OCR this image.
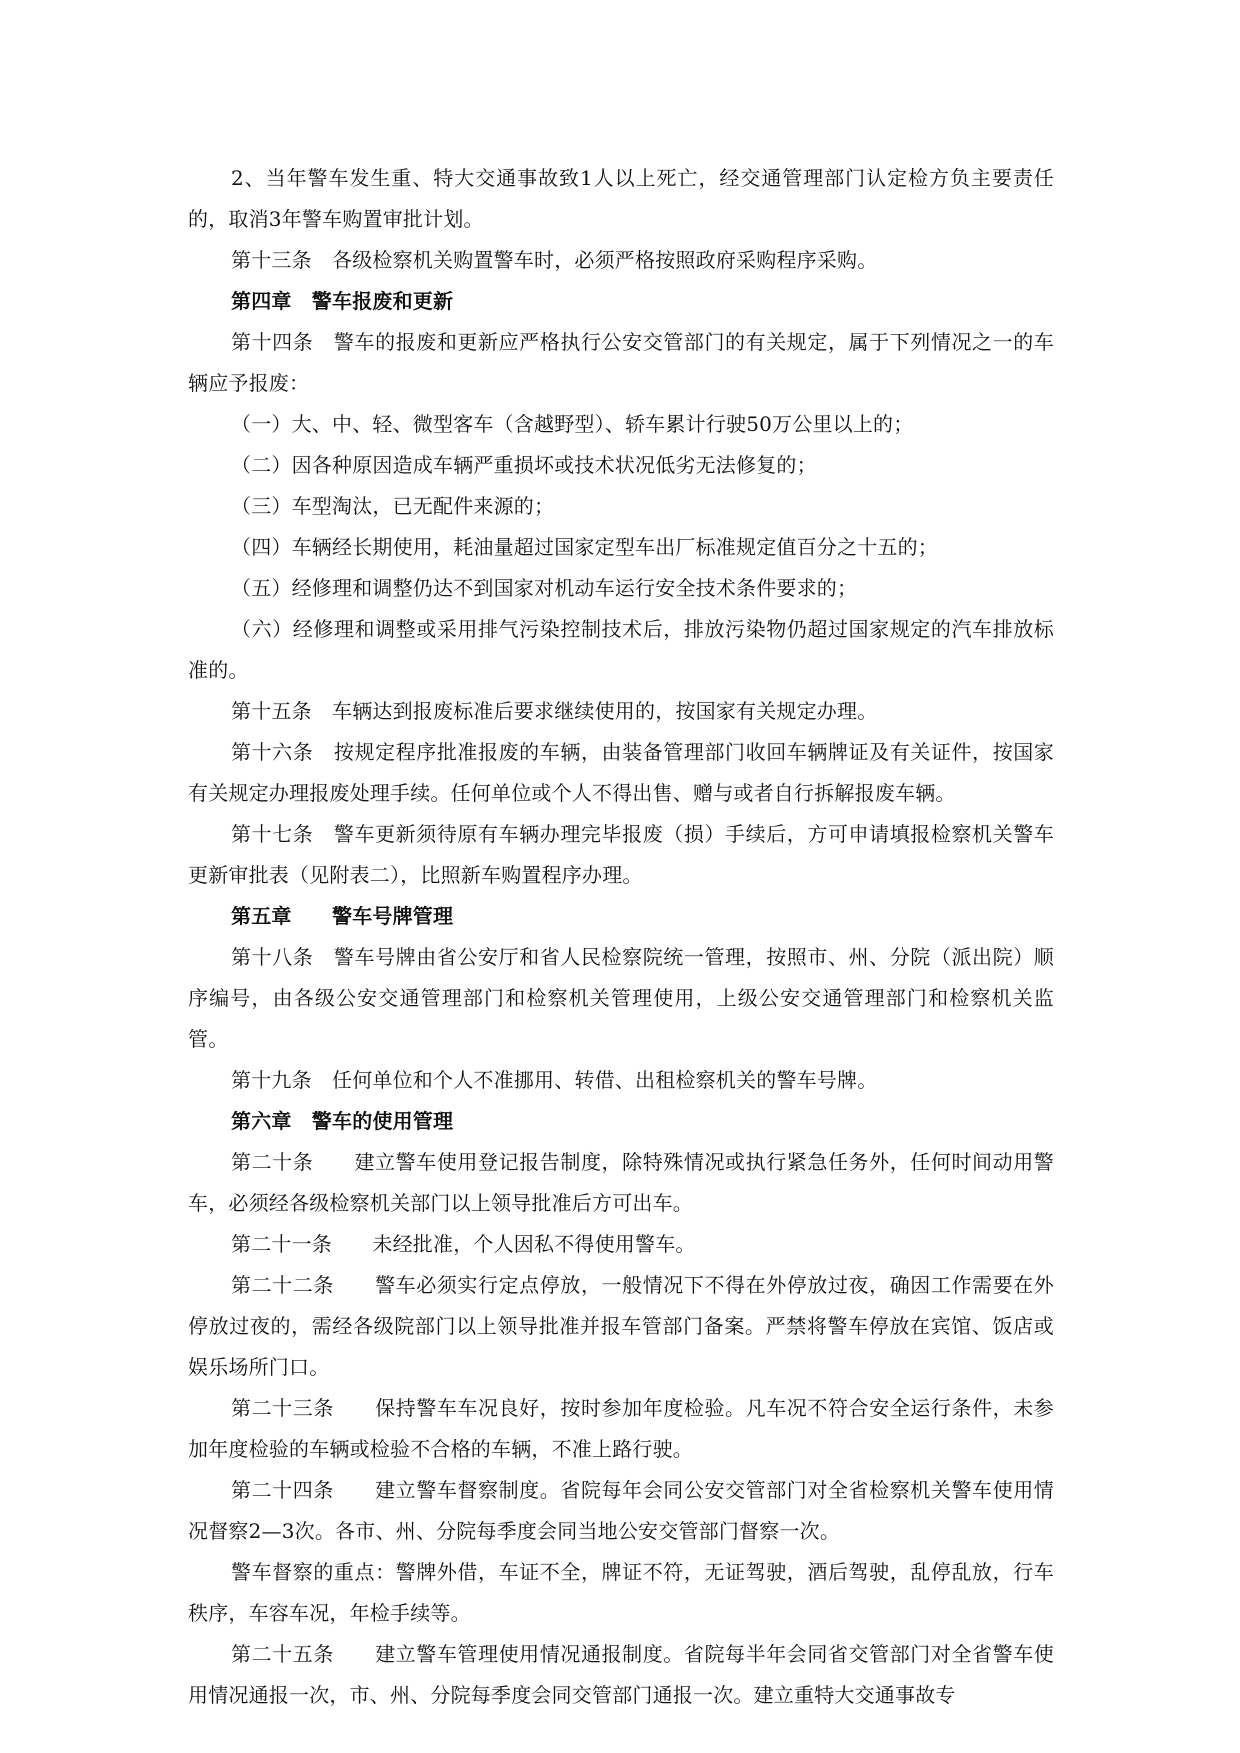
2、当年警车发生重、特大交通事故致1人以上死亡，经交通管理部门认定检方负主要责任的，取消3年警车购置审批计划。

第十三条　各级检察机关购置警车时，必须严格按照政府采购程序采购。

第四章　警车报废和更新

第十四条　警车的报废和更新应严格执行公安交管部门的有关规定，属于下列情况之一的车辆应予报废：

（一）大、中、轻、微型客车（含越野型）、轿车累计行驶50万公里以上的；

（二）因各种原因造成车辆严重损坏或技术状况低劣无法修复的；

（三）车型淘汰，已无配件来源的；

（四）车辆经长期使用，耗油量超过国家定型车出厂标准规定值百分之十五的；

（五）经修理和调整仍达不到国家对机动车运行安全技术条件要求的；

（六）经修理和调整或采用排气污染控制技术后，排放污染物仍超过国家规定的汽车排放标准的。

第十五条　车辆达到报废标准后要求继续使用的，按国家有关规定办理。

第十六条　按规定程序批准报废的车辆，由装备管理部门收回车辆牌证及有关证件，按国家有关规定办理报废处理手续。任何单位或个人不得出售、赠与或者自行拆解报废车辆。

第十七条　警车更新须待原有车辆办理完毕报废（损）手续后，方可申请填报检察机关警车更新审批表（见附表二），比照新车购置程序办理。

第五章　　警车号牌管理

第十八条　警车号牌由省公安厅和省人民检察院统一管理，按照市、州、分院（派出院）顺序编号，由各级公安交通管理部门和检察机关管理使用，上级公安交通管理部门和检察机关监管。

第十九条　任何单位和个人不准挪用、转借、出租检察机关的警车号牌。

第六章　警车的使用管理

第二十条　　建立警车使用登记报告制度，除特殊情况或执行紧急任务外，任何时间动用警车，必须经各级检察机关部门以上领导批准后方可出车。

第二十一条　　未经批准，个人因私不得使用警车。

第二十二条　　警车必须实行定点停放，一般情况下不得在外停放过夜，确因工作需要在外停放过夜的，需经各级院部门以上领导批准并报车管部门备案。严禁将警车停放在宾馆、饭店或娱乐场所门口。

第二十三条　　保持警车车况良好，按时参加年度检验。凡车况不符合安全运行条件，未参加年度检验的车辆或检验不合格的车辆，不准上路行驶。

第二十四条　　建立警车督察制度。省院每年会同公安交管部门对全省检察机关警车使用情况督察2—3次。各市、州、分院每季度会同当地公安交管部门督察一次。

警车督察的重点：警牌外借，车证不全，牌证不符，无证驾驶，酒后驾驶，乱停乱放，行车秩序，车容车况，年检手续等。

第二十五条　　建立警车管理使用情况通报制度。省院每半年会同省交管部门对全省警车使用情况通报一次，市、州、分院每季度会同交管部门通报一次。建立重特大交通事故专
